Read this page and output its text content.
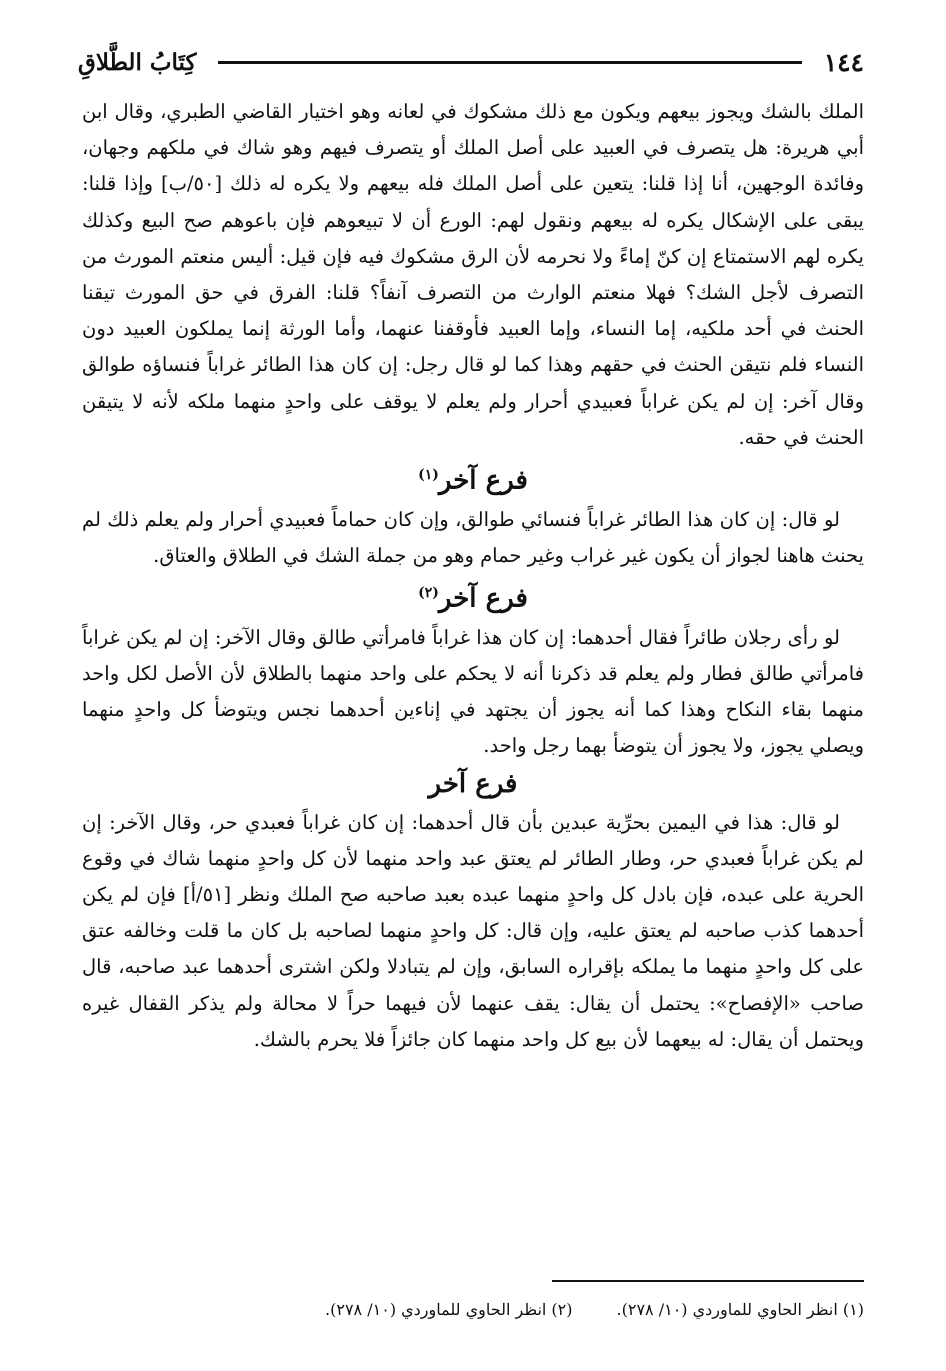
١٤٤
كِتَابُ الطَّلاقِ

الملك بالشك ويجوز بيعهم ويكون مع ذلك مشكوك في لعانه وهو اختيار القاضي الطبري، وقال ابن أبي هريرة: هل يتصرف في العبيد على أصل الملك أو يتصرف فيهم وهو شاك في ملكهم وجهان، وفائدة الوجهين، أنا إذا قلنا: يتعين على أصل الملك فله بيعهم ولا يكره له ذلك [٥٠/ب] وإذا قلنا: يبقى على الإشكال يكره له بيعهم ونقول لهم: الورع أن لا تبيعوهم فإن باعوهم صح البيع وكذلك يكره لهم الاستمتاع إن كنّ إماءً ولا نحرمه لأن الرق مشكوك فيه فإن قيل: أليس منعتم المورث من التصرف لأجل الشك؟ فهلا منعتم الوارث من التصرف آنفاً؟ قلنا: الفرق في حق المورث تيقنا الحنث في أحد ملكيه، إما النساء، وإما العبيد فأوقفنا عنهما، وأما الورثة إنما يملكون العبيد دون النساء فلم نتيقن الحنث في حقهم وهذا كما لو قال رجل: إن كان هذا الطائر غراباً فنساؤه طوالق وقال آخر: إن لم يكن غراباً فعبيدي أحرار ولم يعلم لا يوقف على واحدٍ منهما ملكه لأنه لا يتيقن الحنث في حقه.

فرع آخر$^{(١)}$

لو قال: إن كان هذا الطائر غراباً فنسائي طوالق، وإن كان حماماً فعبيدي أحرار ولم يعلم ذلك لم يحنث هاهنا لجواز أن يكون غير غراب وغير حمام وهو من جملة الشك في الطلاق والعتاق.

فرع آخر$^{(٢)}$

لو رأى رجلان طائراً فقال أحدهما: إن كان هذا غراباً فامرأتي طالق وقال الآخر: إن لم يكن غراباً فامرأتي طالق فطار ولم يعلم قد ذكرنا أنه لا يحكم على واحد منهما بالطلاق لأن الأصل لكل واحد منهما بقاء النكاح وهذا كما أنه يجوز أن يجتهد في إناءين أحدهما نجس ويتوضأ كل واحدٍ منهما ويصلي يجوز، ولا يجوز أن يتوضأ بهما رجل واحد.

فرع آخر

لو قال: هذا في اليمين بحرِّية عبدين بأن قال أحدهما: إن كان غراباً فعبدي حر، وقال الآخر: إن لم يكن غراباً فعبدي حر، وطار الطائر لم يعتق عبد واحد منهما لأن كل واحدٍ منهما شاك في وقوع الحرية على عبده، فإن بادل كل واحدٍ منهما عبده بعبد صاحبه صح الملك ونظر [٥١/أ] فإن لم يكن أحدهما كذب صاحبه لم يعتق عليه، وإن قال: كل واحدٍ منهما لصاحبه بل كان ما قلت وخالفه عتق على كل واحدٍ منهما ما يملكه بإقراره السابق، وإن لم يتبادلا ولكن اشترى أحدهما عبد صاحبه، قال صاحب «الإفصاح»: يحتمل أن يقال: يقف عنهما لأن فيهما حراً لا محالة ولم يذكر القفال غيره ويحتمل أن يقال: له بيعهما لأن بيع كل واحد منهما كان جائزاً فلا يحرم بالشك.

(١) انظر الحاوي للماوردي (١٠/ ٢٧٨).
(٢) انظر الحاوي للماوردي (١٠/ ٢٧٨).
